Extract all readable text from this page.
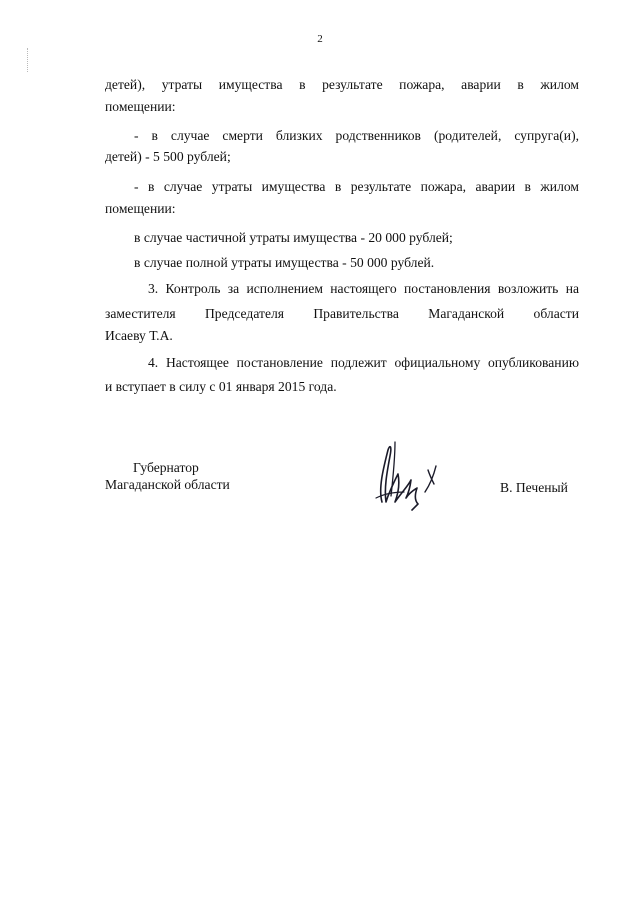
2
детей), утраты имущества в результате пожара, аварии в жилом
помещении:
- в случае смерти близких родственников (родителей, супруга(и),
детей) - 5 500 рублей;
- в случае утраты имущества в результате пожара, аварии в жилом
помещении:
в случае частичной утраты имущества - 20 000 рублей;
в случае полной утраты имущества - 50 000 рублей.
3. Контроль за исполнением настоящего постановления возложить на
заместителя Председателя Правительства Магаданской области
Исаеву Т.А.
4. Настоящее постановление подлежит официальному опубликованию
и вступает в силу с 01 января 2015 года.
Губернатор
Магаданской области	В. Печеный
